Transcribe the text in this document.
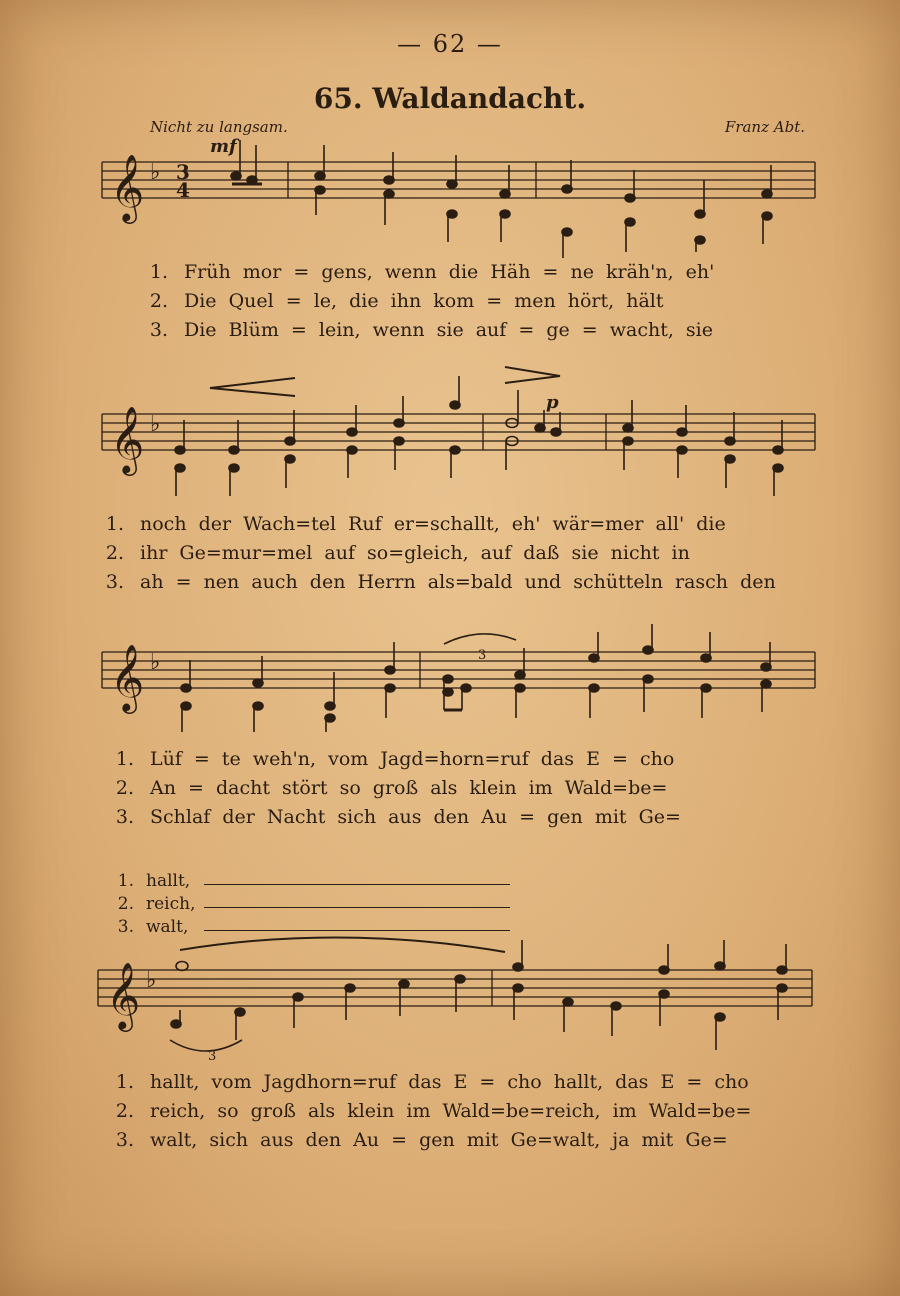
— 62 —
65. Waldandacht.
Nicht zu langsam.	Franz Abt.
𝄞 ♭
𝄞 ♭
𝄞 ♭
𝄞 ♭
3
4
mf
p
3
3
1. Früh mor = gens, wenn die Häh = ne kräh'n, eh'
2. Die Quel = le, die ihn kom = men hört, hält
3. Die Blüm = lein, wenn sie auf = ge = wacht, sie
1. noch der Wach=tel Ruf er=schallt, eh' wär=mer all' die
2. ihr Ge=mur=mel auf so=gleich, auf daß sie nicht in
3. ah = nen auch den Herrn als=bald und schütteln rasch den
1. Lüf = te weh'n, vom Jagd=horn=ruf das E = cho
2. An = dacht stört so groß als klein im Wald=be=
3. Schlaf der Nacht sich aus den Au = gen mit Ge=
1. hallt,
2. reich,
3. walt,
1. hallt, vom Jagdhorn=ruf das E = cho hallt, das E = cho
2. reich, so groß als klein im Wald=be=reich, im Wald=be=
3. walt, sich aus den Au = gen mit Ge=walt, ja mit Ge=
